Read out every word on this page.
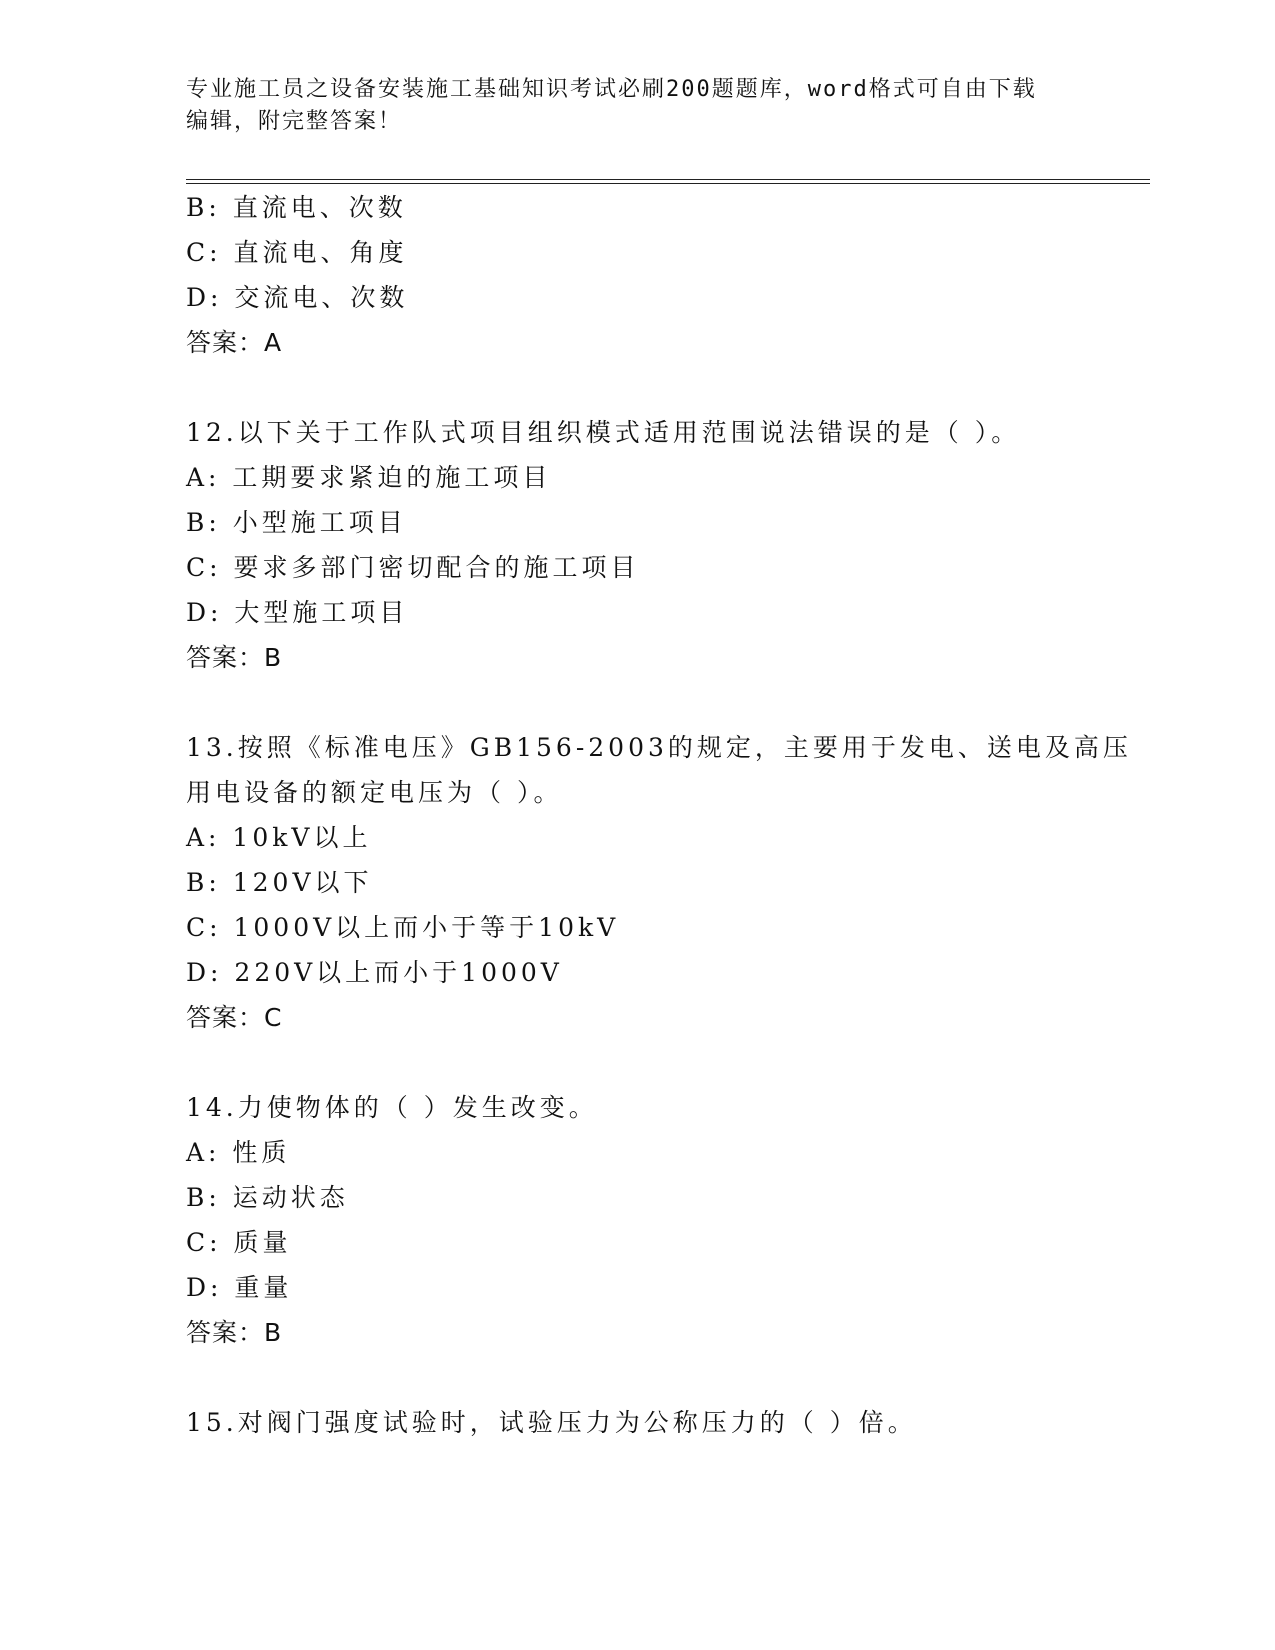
专业施工员之设备安装施工基础知识考试必刷200题题库，word格式可自由下载
编辑，附完整答案！
B: 直流电、次数
C: 直流电、角度
D: 交流电、次数
答案：A
12.以下关于工作队式项目组织模式适用范围说法错误的是（ ）。
A: 工期要求紧迫的施工项目
B: 小型施工项目
C: 要求多部门密切配合的施工项目
D: 大型施工项目
答案：B
13.按照《标准电压》GB156-2003的规定，主要用于发电、送电及高压
用电设备的额定电压为（ ）。
A: 10kV以上
B: 120V以下
C: 1000V以上而小于等于10kV
D: 220V以上而小于1000V
答案：C
14.力使物体的（ ）发生改变。
A: 性质
B: 运动状态
C: 质量
D: 重量
答案：B
15.对阀门强度试验时，试验压力为公称压力的（ ）倍。
